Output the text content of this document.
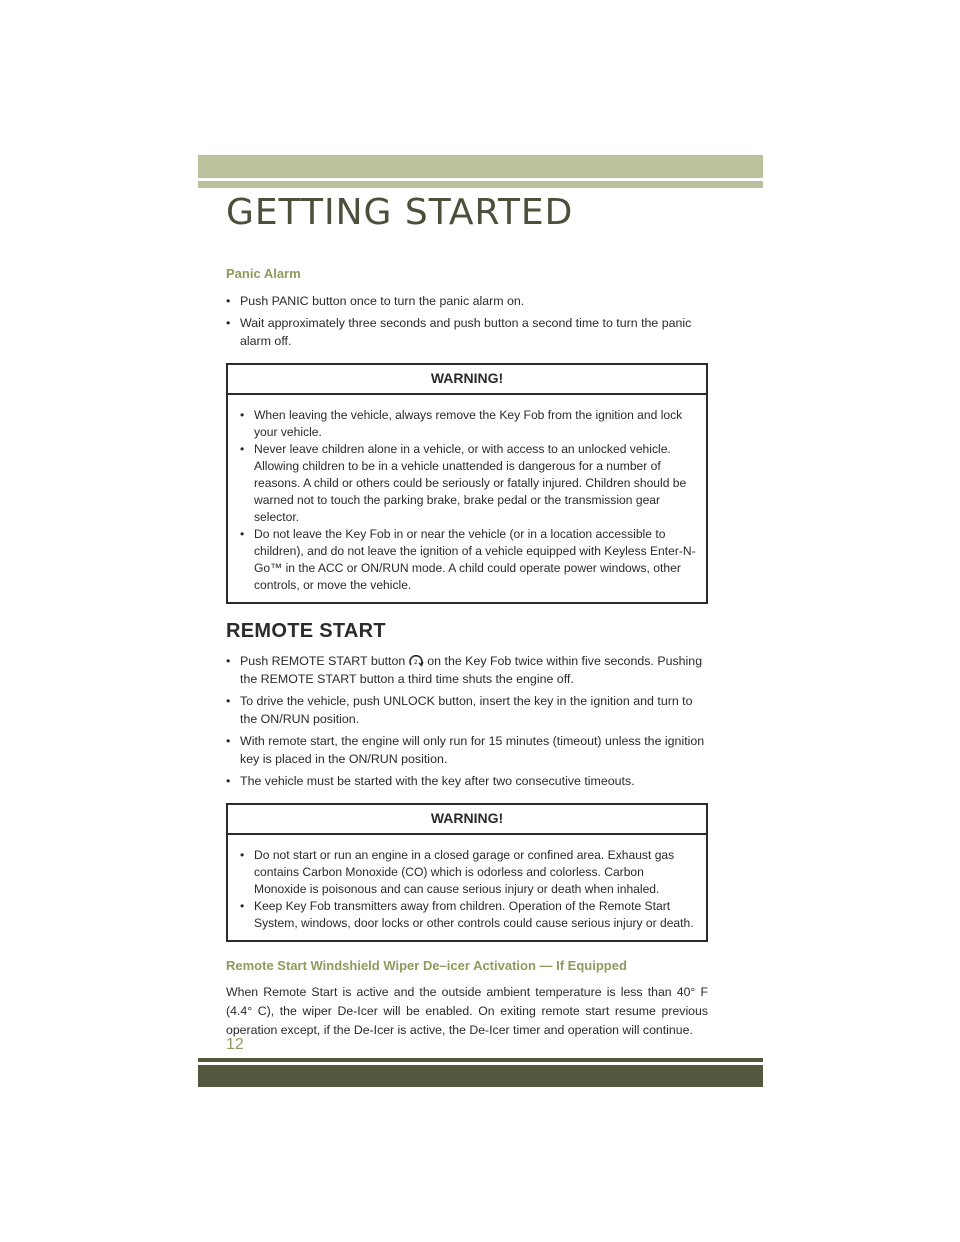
GETTING STARTED
Panic Alarm
• Push PANIC button once to turn the panic alarm on.
• Wait approximately three seconds and push button a second time to turn the panic alarm off.
WARNING!
• When leaving the vehicle, always remove the Key Fob from the ignition and lock your vehicle.
• Never leave children alone in a vehicle, or with access to an unlocked vehicle. Allowing children to be in a vehicle unattended is dangerous for a number of reasons. A child or others could be seriously or fatally injured. Children should be warned not to touch the parking brake, brake pedal or the transmission gear selector.
• Do not leave the Key Fob in or near the vehicle (or in a location accessible to children), and do not leave the ignition of a vehicle equipped with Keyless Enter-N-Go™ in the ACC or ON/RUN mode. A child could operate power windows, other controls, or move the vehicle.
REMOTE START
• Push REMOTE START button 2 on the Key Fob twice within five seconds. Pushing the REMOTE START button a third time shuts the engine off.
• To drive the vehicle, push UNLOCK button, insert the key in the ignition and turn to the ON/RUN position.
• With remote start, the engine will only run for 15 minutes (timeout) unless the ignition key is placed in the ON/RUN position.
• The vehicle must be started with the key after two consecutive timeouts.
WARNING!
• Do not start or run an engine in a closed garage or confined area. Exhaust gas contains Carbon Monoxide (CO) which is odorless and colorless. Carbon Monoxide is poisonous and can cause serious injury or death when inhaled.
• Keep Key Fob transmitters away from children. Operation of the Remote Start System, windows, door locks or other controls could cause serious injury or death.
Remote Start Windshield Wiper De–icer Activation — If Equipped

When Remote Start is active and the outside ambient temperature is less than 40° F (4.4° C), the wiper De-Icer will be enabled. On exiting remote start resume previous operation except, if the De-Icer is active, the De-Icer timer and operation will continue.

12
